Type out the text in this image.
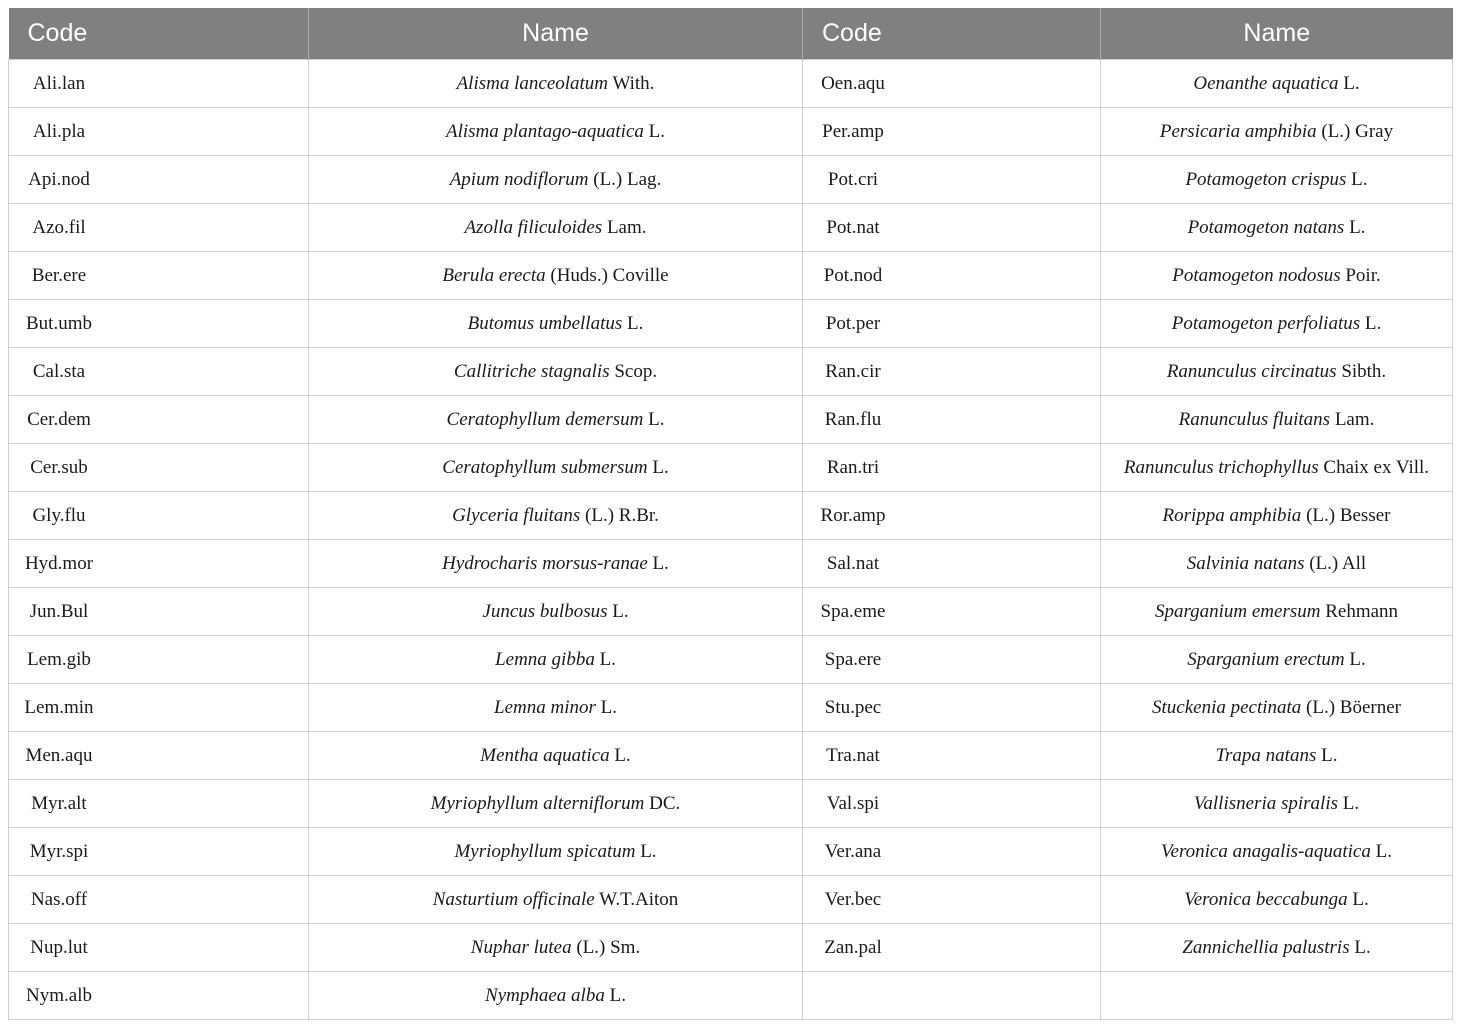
Code	Name	Code	Name

Ali.lan	Alisma lanceolatum With.	Oen.aqu	Oenanthe aquatica L.

Ali.pla	Alisma plantago-aquatica L.	Per.amp	Persicaria amphibia (L.) Gray

Api.nod	Apium nodiflorum (L.) Lag.	Pot.cri	Potamogeton crispus L.

Azo.fil	Azolla filiculoides Lam.	Pot.nat	Potamogeton natans L.

Ber.ere	Berula erecta (Huds.) Coville	Pot.nod	Potamogeton nodosus Poir.

But.umb	Butomus umbellatus L.	Pot.per	Potamogeton perfoliatus L.

Cal.sta	Callitriche stagnalis Scop.	Ran.cir	Ranunculus circinatus Sibth.

Cer.dem	Ceratophyllum demersum L.	Ran.flu	Ranunculus fluitans Lam.

Cer.sub	Ceratophyllum submersum L.	Ran.tri	Ranunculus trichophyllus Chaix ex Vill.

Gly.flu	Glyceria fluitans (L.) R.Br.	Ror.amp	Rorippa amphibia (L.) Besser

Hyd.mor	Hydrocharis morsus-ranae L.	Sal.nat	Salvinia natans (L.) All

Jun.Bul	Juncus bulbosus L.	Spa.eme	Sparganium emersum Rehmann

Lem.gib	Lemna gibba L.	Spa.ere	Sparganium erectum L.

Lem.min	Lemna minor L.	Stu.pec	Stuckenia pectinata (L.) Böerner

Men.aqu	Mentha aquatica L.	Tra.nat	Trapa natans L.

Myr.alt	Myriophyllum alterniflorum DC.	Val.spi	Vallisneria spiralis L.

Myr.spi	Myriophyllum spicatum L.	Ver.ana	Veronica anagalis-aquatica L.

Nas.off	Nasturtium officinale W.T.Aiton	Ver.bec	Veronica beccabunga L.

Nup.lut	Nuphar lutea (L.) Sm.	Zan.pal	Zannichellia palustris L.

Nym.alb	Nymphaea alba L.	
